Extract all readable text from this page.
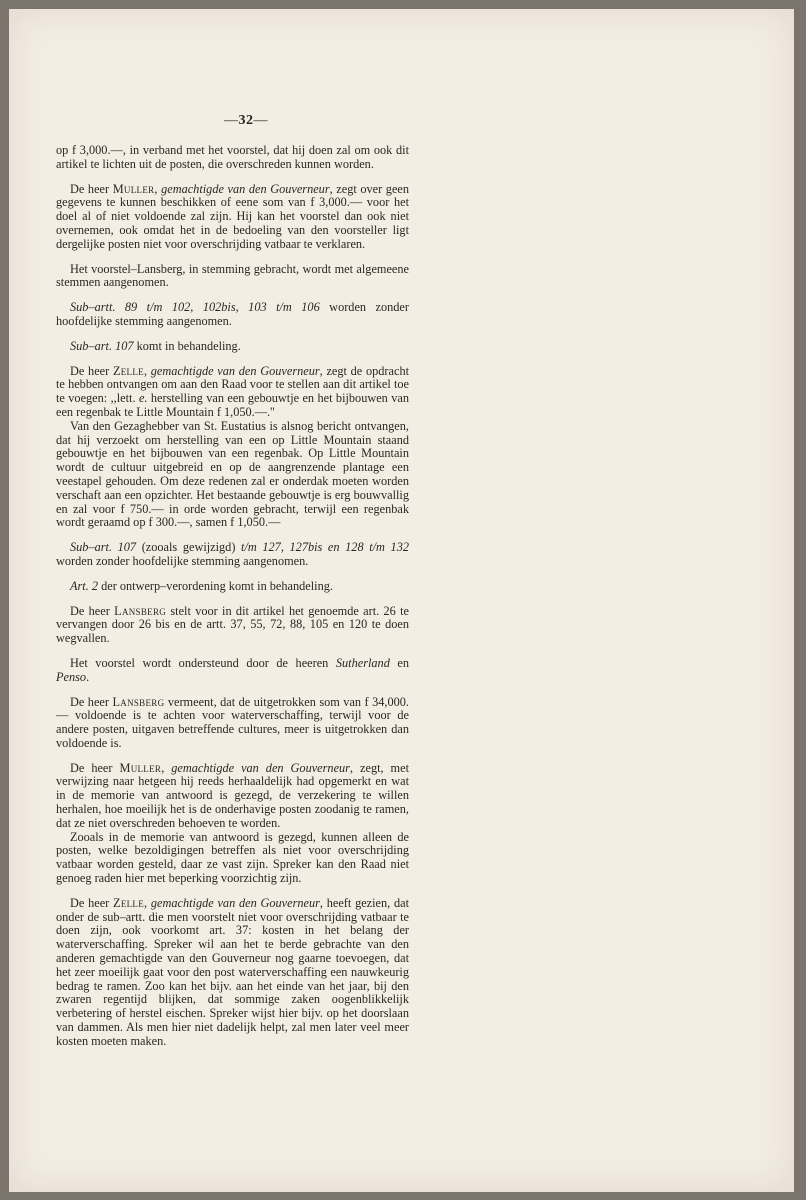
—32—

op f 3,000.—, in verband met het voorstel, dat hij doen zal om ook dit artikel te lichten uit de posten, die overschreden kunnen worden.

De heer Muller, gemachtigde van den Gouverneur, zegt over geen gegevens te kunnen beschikken of eene som van f 3,000.— voor het doel al of niet voldoende zal zijn. Hij kan het voorstel dan ook niet overnemen, ook omdat het in de bedoeling van den voorsteller ligt dergelijke posten niet voor overschrijding vatbaar te verklaren.

Het voorstel–Lansberg, in stemming gebracht, wordt met algemeene stemmen aangenomen.

Sub–artt. 89 t/m 102, 102bis, 103 t/m 106 worden zonder hoofdelijke stemming aangenomen.

Sub–art. 107 komt in behandeling.

De heer Zelle, gemachtigde van den Gouverneur, zegt de opdracht te hebben ontvangen om aan den Raad voor te stellen aan dit artikel toe te voegen: ,,lett. e. herstelling van een gebouwtje en het bijbouwen van een regenbak te Little Mountain f 1,050.—.''

Van den Gezaghebber van St. Eustatius is alsnog bericht ontvangen, dat hij verzoekt om herstelling van een op Little Mountain staand gebouwtje en het bijbouwen van een regenbak. Op Little Mountain wordt de cultuur uitgebreid en op de aangrenzende plantage een veestapel gehouden. Om deze redenen zal er onderdak moeten worden verschaft aan een opzichter. Het bestaande gebouwtje is erg bouwvallig en zal voor f 750.— in orde worden gebracht, terwijl een regenbak wordt geraamd op f 300.—, samen f 1,050.—

Sub–art. 107 (zooals gewijzigd) t/m 127, 127bis en 128 t/m 132 worden zonder hoofdelijke stemming aangenomen.

Art. 2 der ontwerp–verordening komt in behandeling.

De heer Lansberg stelt voor in dit artikel het genoemde art. 26 te vervangen door 26 bis en de artt. 37, 55, 72, 88, 105 en 120 te doen wegvallen.

Het voorstel wordt ondersteund door de heeren Sutherland en Penso.

De heer Lansberg vermeent, dat de uitgetrokken som van f 34,000.— voldoende is te achten voor waterverschaffing, terwijl voor de andere posten, uitgaven betreffende cultures, meer is uitgetrokken dan voldoende is.

De heer Muller, gemachtigde van den Gouverneur, zegt, met verwijzing naar hetgeen hij reeds herhaaldelijk had opgemerkt en wat in de memorie van antwoord is gezegd, de verzekering te willen herhalen, hoe moeilijk het is de onderhavige posten zoodanig te ramen, dat ze niet overschreden behoeven te worden.

Zooals in de memorie van antwoord is gezegd, kunnen alleen de posten, welke bezoldigingen betreffen als niet voor overschrijding vatbaar worden gesteld, daar ze vast zijn. Spreker kan den Raad niet genoeg raden hier met beperking voorzichtig zijn.

De heer Zelle, gemachtigde van den Gouverneur, heeft gezien, dat onder de sub–artt. die men voorstelt niet voor overschrijding vatbaar te doen zijn, ook voorkomt art. 37: kosten in het belang der waterverschaffing. Spreker wil aan het te berde gebrachte van den anderen gemachtigde van den Gouverneur nog gaarne toevoegen, dat het zeer moeilijk gaat voor den post waterverschaffing een nauwkeurig bedrag te ramen. Zoo kan het bijv. aan het einde van het jaar, bij den zwaren regentijd blijken, dat sommige zaken oogenblikkelijk verbetering of herstel eischen. Spreker wijst hier bijv. op het doorslaan van dammen. Als men hier niet dadelijk helpt, zal men later veel meer kosten moeten maken.
